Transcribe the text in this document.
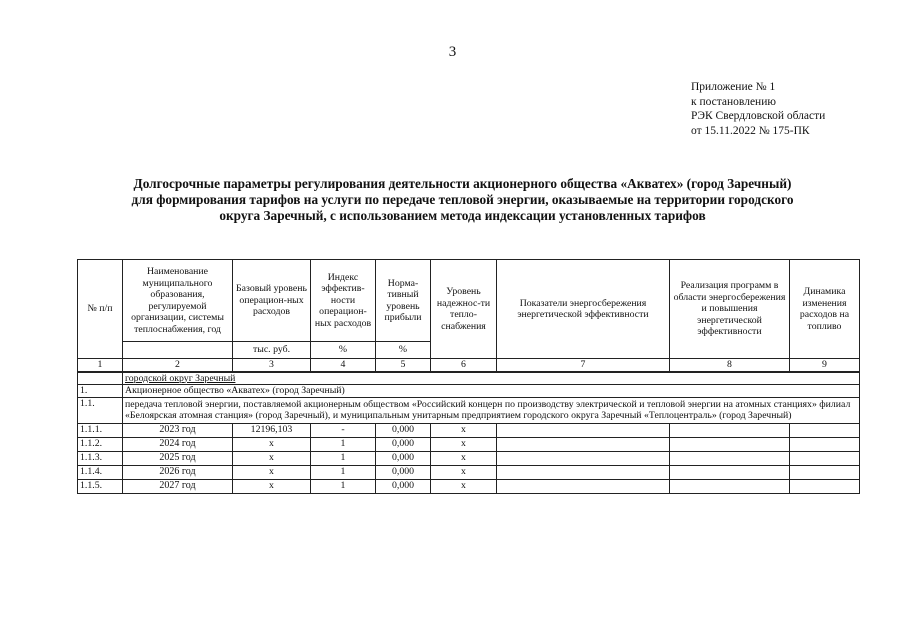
3
Приложение № 1
к постановлению
РЭК Свердловской области
от 15.11.2022 № 175-ПК
Долгосрочные параметры регулирования деятельности акционерного общества «Акватех» (город Заречный)
для формирования тарифов на услуги по передаче тепловой энергии, оказываемые на территории городского
округа Заречный, с использованием метода индексации установленных тарифов
№ п/п	Наименование муниципального образования, регулируемой организации, системы теплоснабжения, год	Базовый уровень операцион-ных расходов	Индекс эффектив-ности операцион-ных расходов	Норма-тивный уровень прибыли	Уровень надежнос-ти тепло-снабжения	Показатели энергосбережения энергетической эффективности	Реализация программ в области энергосбережения и повышения энергетической эффективности	Динамика изменения расходов на топливо
		тыс. руб.	%	%				
1	2	3	4	5	6	7	8	9
	городской округ Заречный							
1.	Акционерное общество «Акватех» (город Заречный)							
1.1.	передача тепловой энергии, поставляемой акционерным обществом «Российский концерн по производству электрической и тепловой энергии на атомных станциях» филиал «Белоярская атомная станция» (город Заречный), и муниципальным унитарным предприятием городского округа Заречный «Теплоцентраль» (город Заречный)							
1.1.1.	2023 год	12196,103	-	0,000	x			
1.1.2.	2024 год	x	1	0,000	x			
1.1.3.	2025 год	x	1	0,000	x			
1.1.4.	2026 год	x	1	0,000	x			
1.1.5.	2027 год	x	1	0,000	x			
